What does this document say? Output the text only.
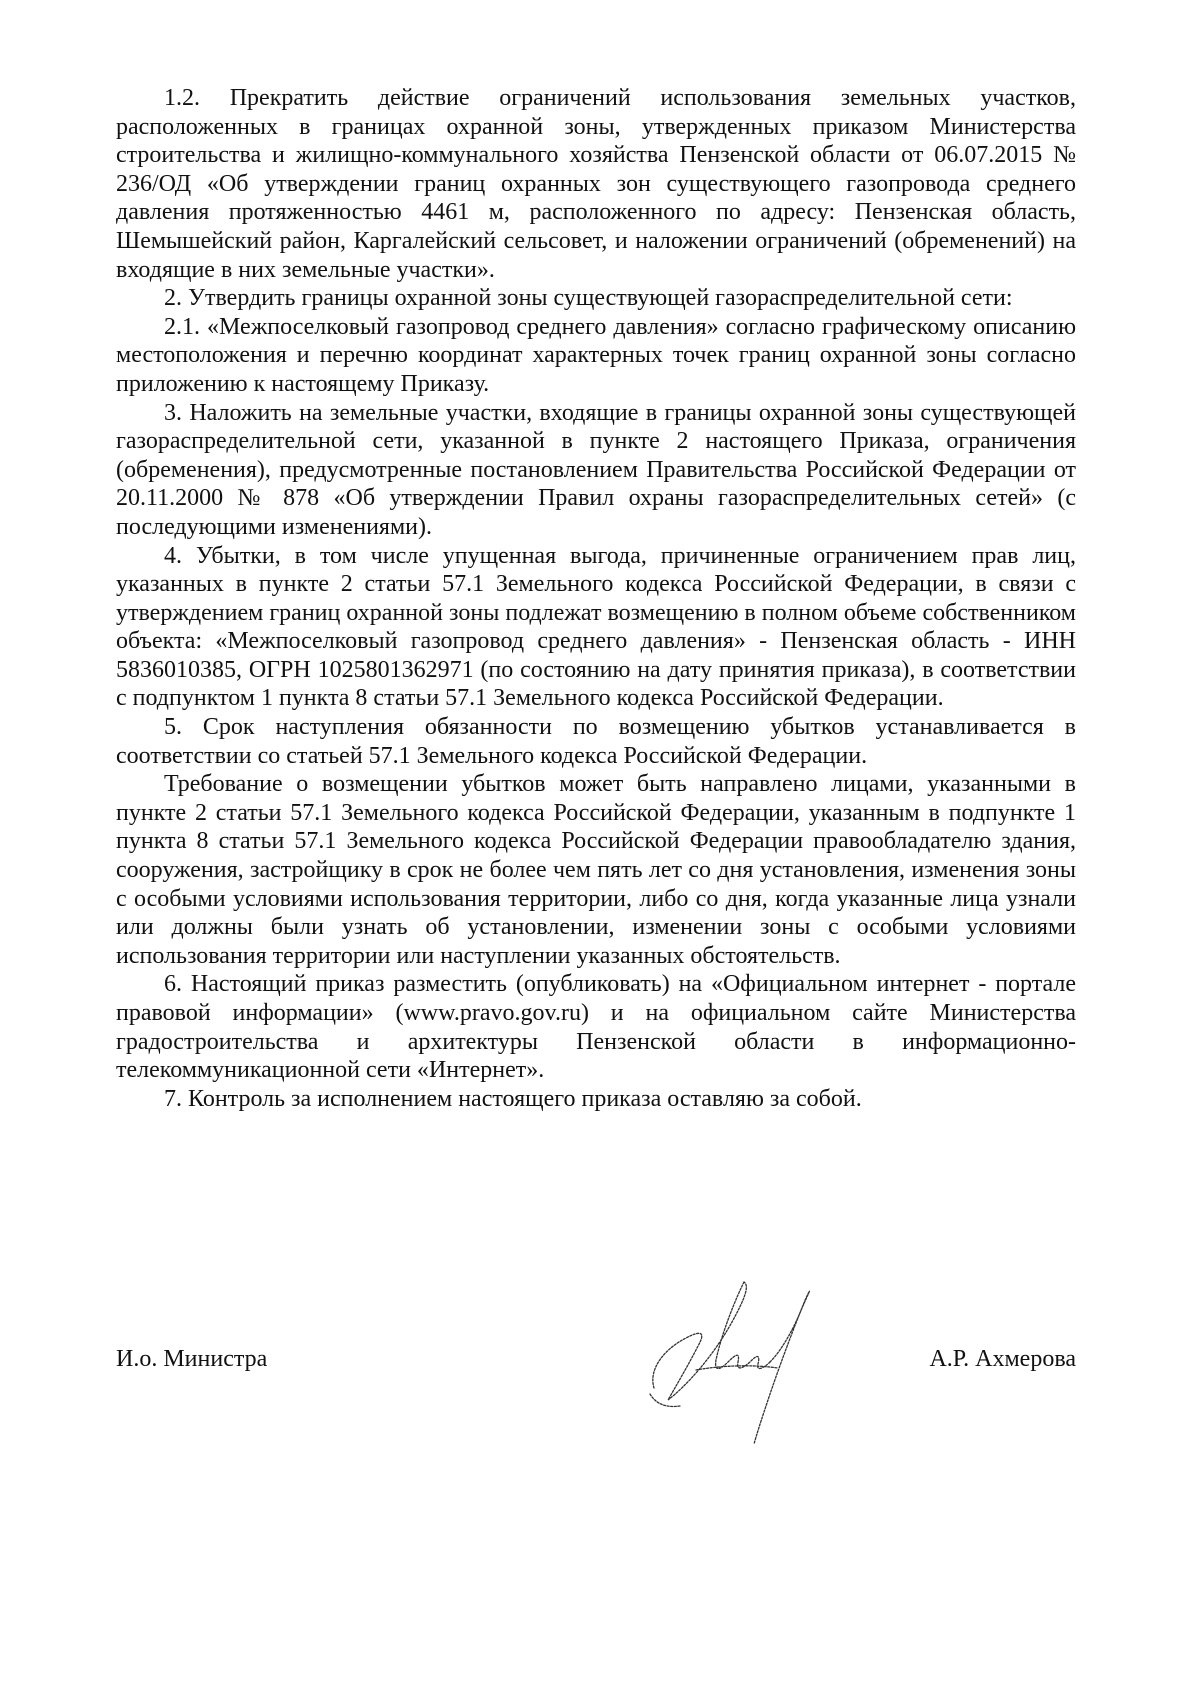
1.2. Прекратить действие ограничений использования земельных участков, расположенных в границах охранной зоны, утвержденных приказом Министерства строительства и жилищно-коммунального хозяйства Пензенской области от 06.07.2015 № 236/ОД «Об утверждении границ охранных зон существующего газопровода среднего давления протяженностью 4461 м, расположенного по адресу: Пензенская область, Шемышейский район, Каргалейский сельсовет, и наложении ограничений (обременений) на входящие в них земельные участки».

2. Утвердить границы охранной зоны существующей газораспределительной сети:

2.1. «Межпоселковый газопровод среднего давления» согласно графическому описанию местоположения и перечню координат характерных точек границ охранной зоны согласно приложению к настоящему Приказу.

3. Наложить на земельные участки, входящие в границы охранной зоны существующей газораспределительной сети, указанной в пункте 2 настоящего Приказа, ограничения (обременения), предусмотренные постановлением Правительства Российской Федерации от 20.11.2000 № 878 «Об утверждении Правил охраны газораспределительных сетей» (с последующими изменениями).

4. Убытки, в том числе упущенная выгода, причиненные ограничением прав лиц, указанных в пункте 2 статьи 57.1 Земельного кодекса Российской Федерации, в связи с утверждением границ охранной зоны подлежат возмещению в полном объеме собственником объекта: «Межпоселковый газопровод среднего давления» - Пензенская область - ИНН 5836010385, ОГРН 1025801362971 (по состоянию на дату принятия приказа), в соответствии с подпунктом 1 пункта 8 статьи 57.1 Земельного кодекса Российской Федерации.

5. Срок наступления обязанности по возмещению убытков устанавливается в соответствии со статьей 57.1 Земельного кодекса Российской Федерации.

Требование о возмещении убытков может быть направлено лицами, указанными в пункте 2 статьи 57.1 Земельного кодекса Российской Федерации, указанным в подпункте 1 пункта 8 статьи 57.1 Земельного кодекса Российской Федерации правообладателю здания, сооружения, застройщику в срок не более чем пять лет со дня установления, изменения зоны с особыми условиями использования территории, либо со дня, когда указанные лица узнали или должны были узнать об установлении, изменении зоны с особыми условиями использования территории или наступлении указанных обстоятельств.

6. Настоящий приказ разместить (опубликовать) на «Официальном интернет - портале правовой информации» (www.pravo.gov.ru) и на официальном сайте Министерства градостроительства и архитектуры Пензенской области в информационно-телекоммуникационной сети «Интернет».

7. Контроль за исполнением настоящего приказа оставляю за собой.

И.о. Министра	А.Р. Ахмерова
